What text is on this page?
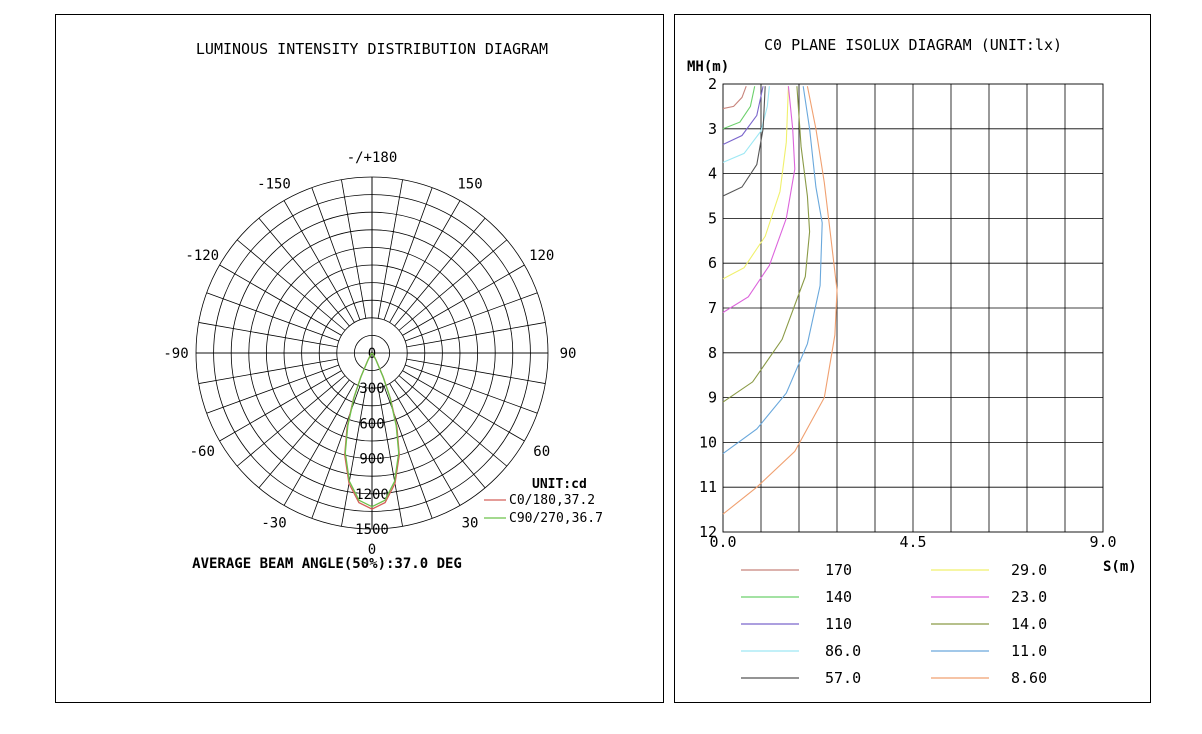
LUMINOUS INTENSITY DISTRIBUTION DIAGRAM
-/+180
-150	150
-120	120
-90	90
-60	60
-30	30
0
0
300
600
900
1200
1500
UNIT:cd
C0/180,37.2
C90/270,36.7
AVERAGE BEAM ANGLE(50%):37.0 DEG
C0 PLANE ISOLUX DIAGRAM (UNIT:lx)
MH(m)
2
3
4
5
6
7
8
9
10
11
12
0.0	4.5	9.0
S(m)
170
140
110
86.0
57.0
29.0
23.0
14.0
11.0
8.60
